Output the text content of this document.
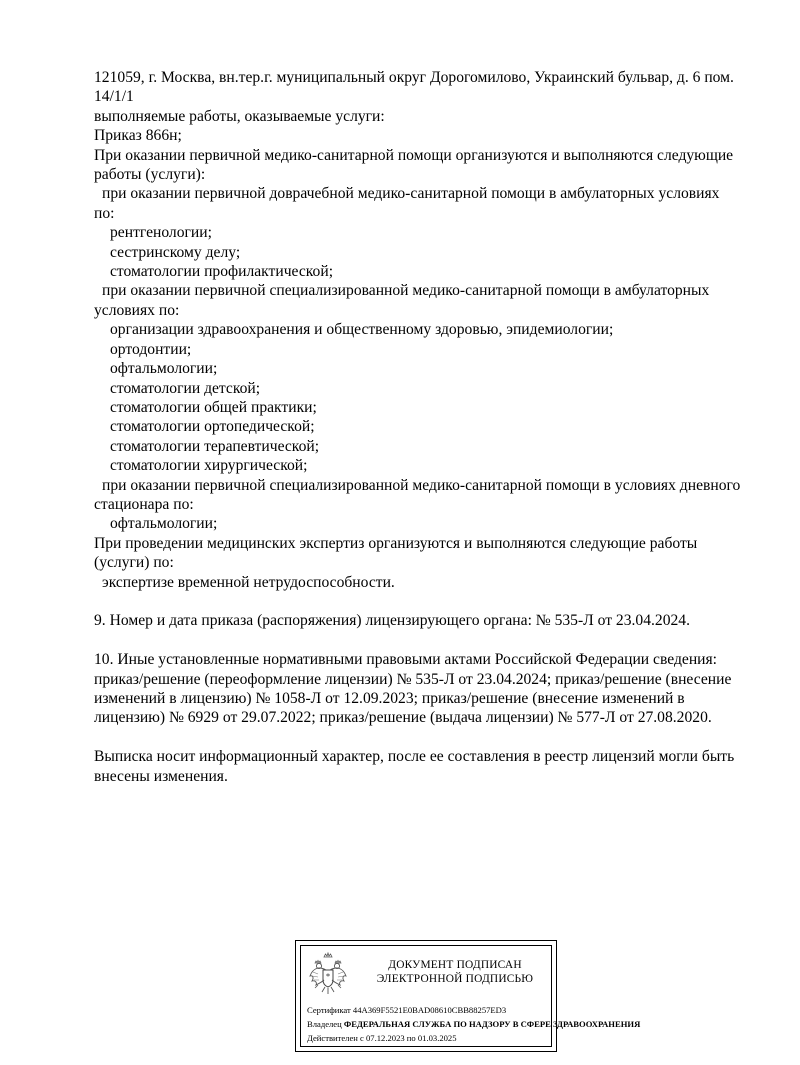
121059, г. Москва, вн.тер.г. муниципальный округ Дорогомилово, Украинский бульвар, д. 6 пом.
14/1/1
выполняемые работы, оказываемые услуги:
Приказ 866н;
При оказании первичной медико-санитарной помощи организуются и выполняются следующие
работы (услуги):
при оказании первичной доврачебной медико-санитарной помощи в амбулаторных условиях
по:
рентгенологии;
сестринскому делу;
стоматологии профилактической;
при оказании первичной специализированной медико-санитарной помощи в амбулаторных
условиях по:
организации здравоохранения и общественному здоровью, эпидемиологии;
ортодонтии;
офтальмологии;
стоматологии детской;
стоматологии общей практики;
стоматологии ортопедической;
стоматологии терапевтической;
стоматологии хирургической;
при оказании первичной специализированной медико-санитарной помощи в условиях дневного
стационара по:
офтальмологии;
При проведении медицинских экспертиз организуются и выполняются следующие работы
(услуги) по:
экспертизе временной нетрудоспособности.
9. Номер и дата приказа (распоряжения) лицензирующего органа: № 535-Л от 23.04.2024.
10. Иные установленные нормативными правовыми актами Российской Федерации сведения:
приказ/решение (переоформление лицензии) № 535-Л от 23.04.2024; приказ/решение (внесение
изменений в лицензию) № 1058-Л от 12.09.2023; приказ/решение (внесение изменений в
лицензию) № 6929 от 29.07.2022; приказ/решение (выдача лицензии) № 577-Л от 27.08.2020.
Выписка носит информационный характер, после ее составления в реестр лицензий могли быть
внесены изменения.
ДОКУМЕНТ ПОДПИСАН
ЭЛЕКТРОННОЙ ПОДПИСЬЮ
Сертификат 44A369F5521E0BAD08610CBB88257ED3
Владелец ФЕДЕРАЛЬНАЯ СЛУЖБА ПО НАДЗОРУ В СФЕРЕ ЗДРАВООХРАНЕНИЯ
Действителен с 07.12.2023 по 01.03.2025
